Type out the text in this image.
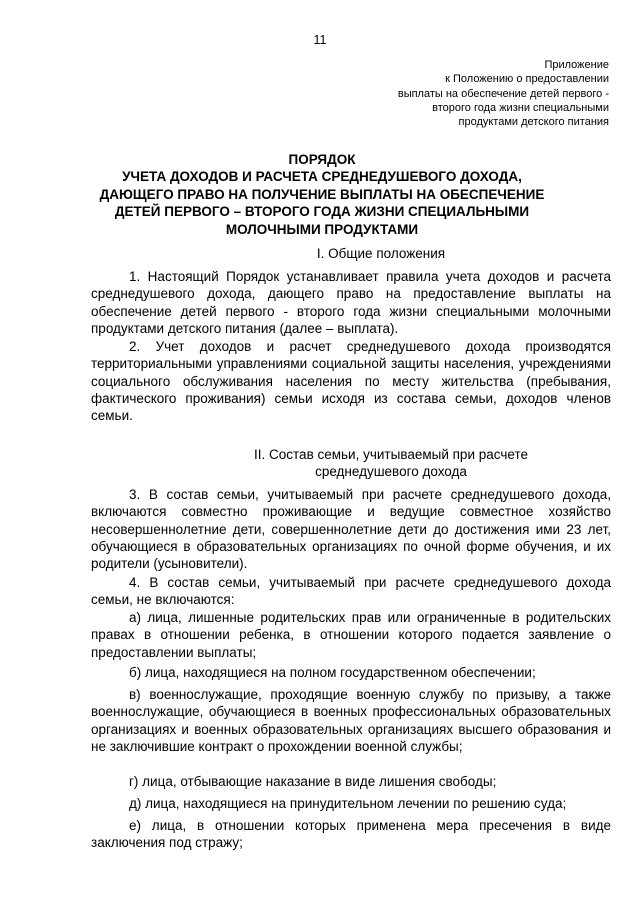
11
Приложение
к Положению о предоставлении
выплаты на обеспечение детей первого -
второго года жизни специальными
продуктами детского питания
ПОРЯДОК
УЧЕТА ДОХОДОВ И РАСЧЕТА СРЕДНЕДУШЕВОГО ДОХОДА,
ДАЮЩЕГО ПРАВО НА ПОЛУЧЕНИЕ ВЫПЛАТЫ НА ОБЕСПЕЧЕНИЕ
ДЕТЕЙ ПЕРВОГО – ВТОРОГО ГОДА ЖИЗНИ СПЕЦИАЛЬНЫМИ
МОЛОЧНЫМИ ПРОДУКТАМИ

I. Общие положения

1. Настоящий Порядок устанавливает правила учета доходов и расчета среднедушевого дохода, дающего право на предоставление выплаты на обеспечение детей первого - второго года жизни специальными молочными продуктами детского питания (далее – выплата).

2. Учет доходов и расчет среднедушевого дохода производятся территориальными управлениями социальной защиты населения, учреждениями социального обслуживания населения по месту жительства (пребывания, фактического проживания) семьи исходя из состава семьи, доходов членов семьи.

II. Состав семьи, учитываемый при расчете

среднедушевого дохода

3. В состав семьи, учитываемый при расчете среднедушевого дохода, включаются совместно проживающие и ведущие совместное хозяйство несовершеннолетние дети, совершеннолетние дети до достижения ими 23 лет, обучающиеся в образовательных организациях по очной форме обучения, и их родители (усыновители).

4. В состав семьи, учитываемый при расчете среднедушевого дохода семьи, не включаются:

а) лица, лишенные родительских прав или ограниченные в родительских правах в отношении ребенка, в отношении которого подается заявление о предоставлении выплаты;

б) лица, находящиеся на полном государственном обеспечении;

в) военнослужащие, проходящие военную службу по призыву, а также военнослужащие, обучающиеся в военных профессиональных образовательных организациях и военных образовательных организациях высшего образования и не заключившие контракт о прохождении военной службы;

г) лица, отбывающие наказание в виде лишения свободы;

д) лица, находящиеся на принудительном лечении по решению суда;

е) лица, в отношении которых применена мера пресечения в виде заключения под стражу;
